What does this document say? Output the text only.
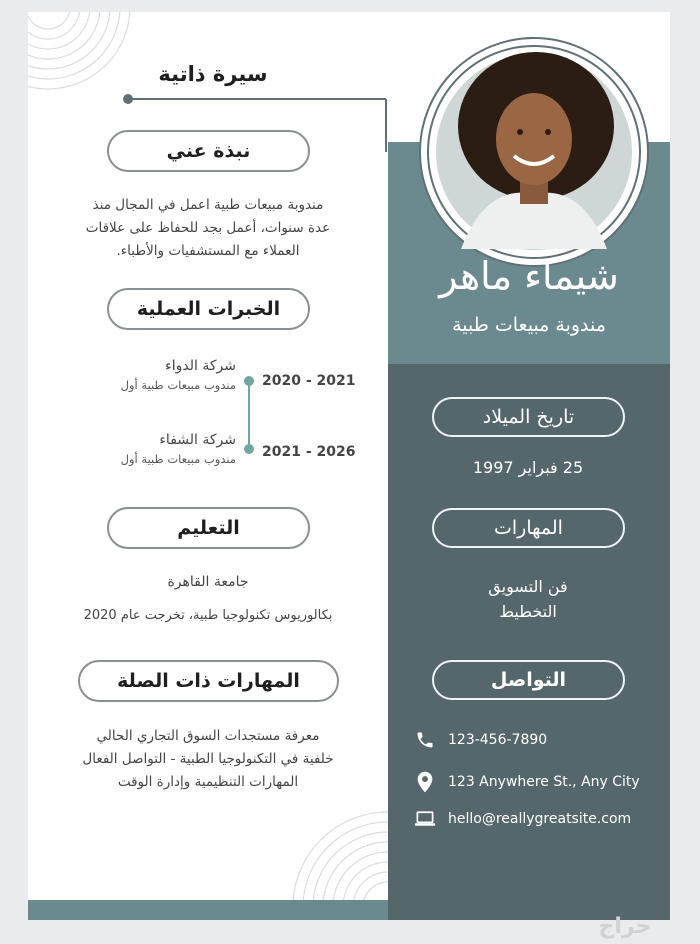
سيرة ذاتية
شيماء ماهر
مندوبة مبيعات طبية
نبذة عني
مندوبة مبيعات طبية اعمل في المجال منذ
عدة سنوات، أعمل بجد للحفاظ على علاقات
العملاء مع المستشفيات والأطباء.
الخبرات العملية
شركة الدواء
مندوب مبيعات طبية أول 2020 - 2021
شركة الشفاء
مندوب مبيعات طبية أول 2021 - 2026
التعليم
جامعة القاهرة
بكالوريوس تكنولوجيا طبية، تخرجت عام 2020
المهارات ذات الصلة
معرفة مستجدات السوق التجاري الحالي
خلفية في التكنولوجيا الطبية - التواصل الفعال
المهارات التنظيمية وإدارة الوقت
تاريخ الميلاد
25 فبراير 1997
المهارات
فن التسويق
التخطيط
التواصل
123-456-7890
123 Anywhere St., Any City
hello@reallygreatsite.com
حراج
